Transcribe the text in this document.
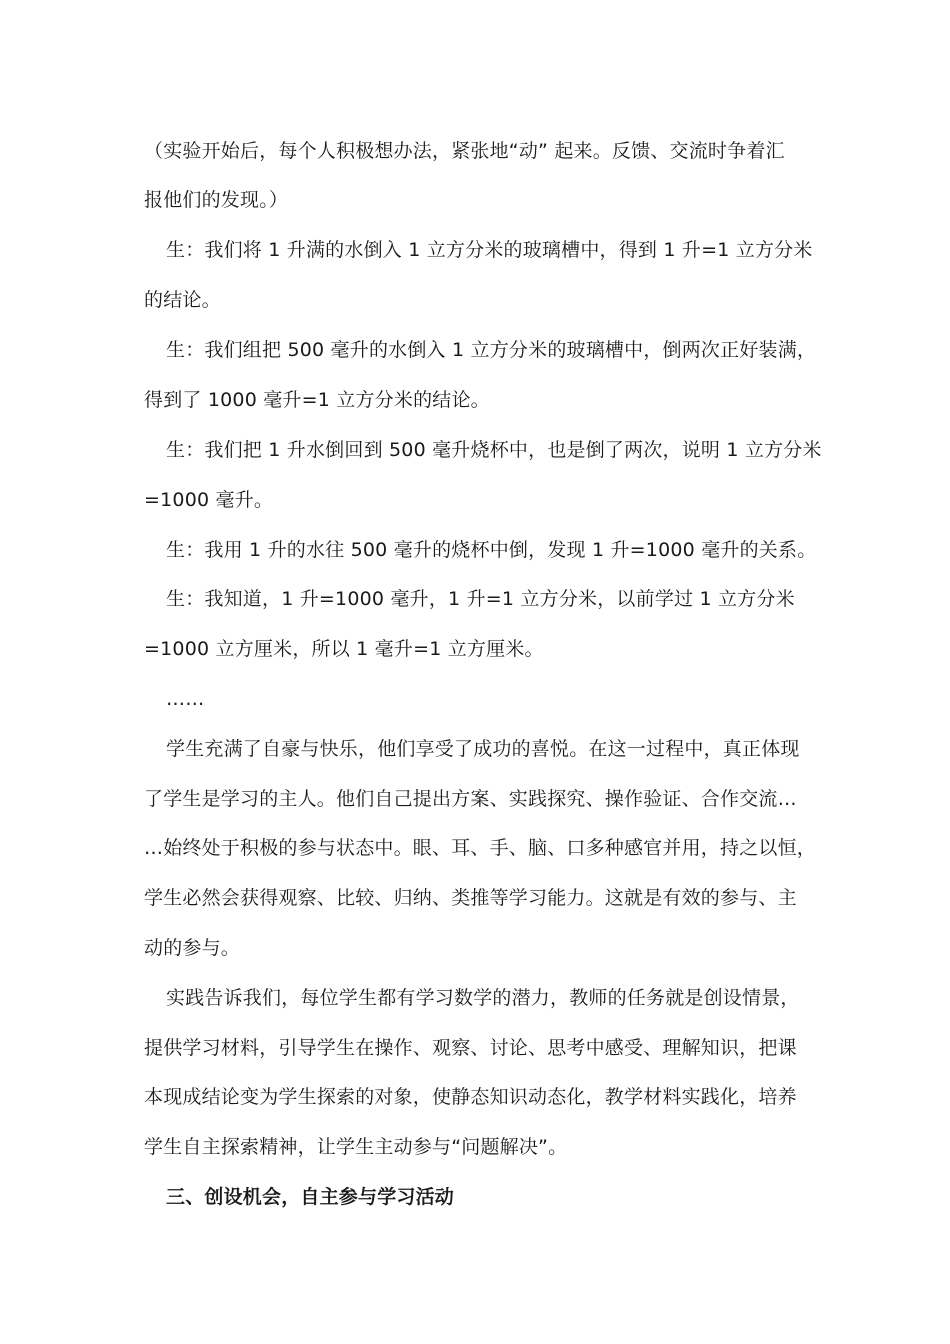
（实验开始后，每个人积极想办法，紧张地“动” 起来。反馈、交流时争着汇
报他们的发现。）
生：我们将 1 升满的水倒入 1 立方分米的玻璃槽中，得到 1 升=1 立方分米
的结论。
生：我们组把 500 毫升的水倒入 1 立方分米的玻璃槽中，倒两次正好装满，
得到了 1000 毫升=1 立方分米的结论。
生：我们把 1 升水倒回到 500 毫升烧杯中，也是倒了两次，说明 1 立方分米
=1000 毫升。
生：我用 1 升的水往 500 毫升的烧杯中倒，发现 1 升=1000 毫升的关系。
生：我知道，1 升=1000 毫升，1 升=1 立方分米，以前学过 1 立方分米
=1000 立方厘米，所以 1 毫升=1 立方厘米。
……
学生充满了自豪与快乐，他们享受了成功的喜悦。在这一过程中，真正体现
了学生是学习的主人。他们自己提出方案、实践探究、操作验证、合作交流…
…始终处于积极的参与状态中。眼、耳、手、脑、口多种感官并用，持之以恒，
学生必然会获得观察、比较、归纳、类推等学习能力。这就是有效的参与、主
动的参与。
实践告诉我们，每位学生都有学习数学的潜力，教师的任务就是创设情景，
提供学习材料，引导学生在操作、观察、讨论、思考中感受、理解知识，把课
本现成结论变为学生探索的对象，使静态知识动态化，教学材料实践化，培养
学生自主探索精神，让学生主动参与“问题解决”。
三、创设机会，自主参与学习活动
